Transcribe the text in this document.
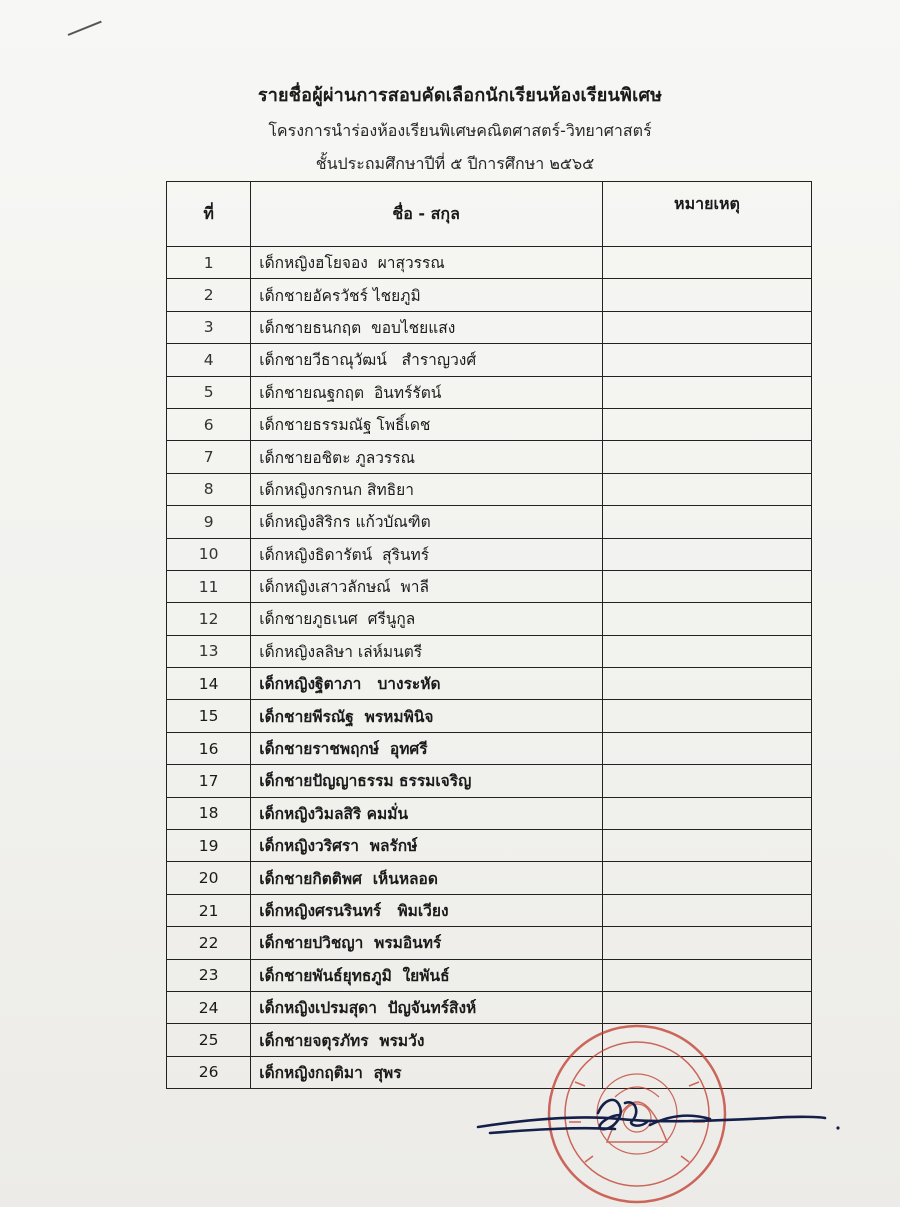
รายชื่อผู้ผ่านการสอบคัดเลือกนักเรียนห้องเรียนพิเศษ
โครงการนำร่องห้องเรียนพิเศษคณิตศาสตร์-วิทยาศาสตร์
ชั้นประถมศึกษาปีที่ ๕ ปีการศึกษา ๒๕๖๕
ที่	ชื่อ - สกุล	หมายเหตุ
1	เด็กหญิงฮโยจอง  ผาสุวรรณ	
2	เด็กชายอัครวัชร์ ไชยภูมิ	
3	เด็กชายธนกฤต  ขอบไชยแสง	
4	เด็กชายวีธาณุวัฒน์   สำราญวงศ์	
5	เด็กชายณฐกฤต  อินทร์รัตน์	
6	เด็กชายธรรมณัฐ โพธิ์เดช	
7	เด็กชายอชิตะ ภูลวรรณ	
8	เด็กหญิงกรกนก สิทธิยา	
9	เด็กหญิงสิริกร แก้วบัณฑิต	
10	เด็กหญิงธิดารัตน์  สุรินทร์	
11	เด็กหญิงเสาวลักษณ์  พาลี	
12	เด็กชายภูธเนศ  ศรีนูกูล	
13	เด็กหญิงลลิษา เล่ห์มนตรี	
14	เด็กหญิงฐิตาภา   บางระหัด	
15	เด็กชายพีรณัฐ  พรหมพินิจ	
16	เด็กชายราชพฤกษ์  อุทศรี	
17	เด็กชายปัญญาธรรม ธรรมเจริญ	
18	เด็กหญิงวิมลสิริ คมมั่น	
19	เด็กหญิงวริศรา  พลรักษ์	
20	เด็กชายกิตติพศ  เห็นหลอด	
21	เด็กหญิงศรนรินทร์   พิมเวียง	
22	เด็กชายปวิชญา  พรมอินทร์	
23	เด็กชายพันธ์ยุทธภูมิ  ใยพันธ์	
24	เด็กหญิงเปรมสุดา  ปัญจันทร์สิงห์	
25	เด็กชายจตุรภัทร  พรมวัง	
26	เด็กหญิงกฤติมา  สุพร	
